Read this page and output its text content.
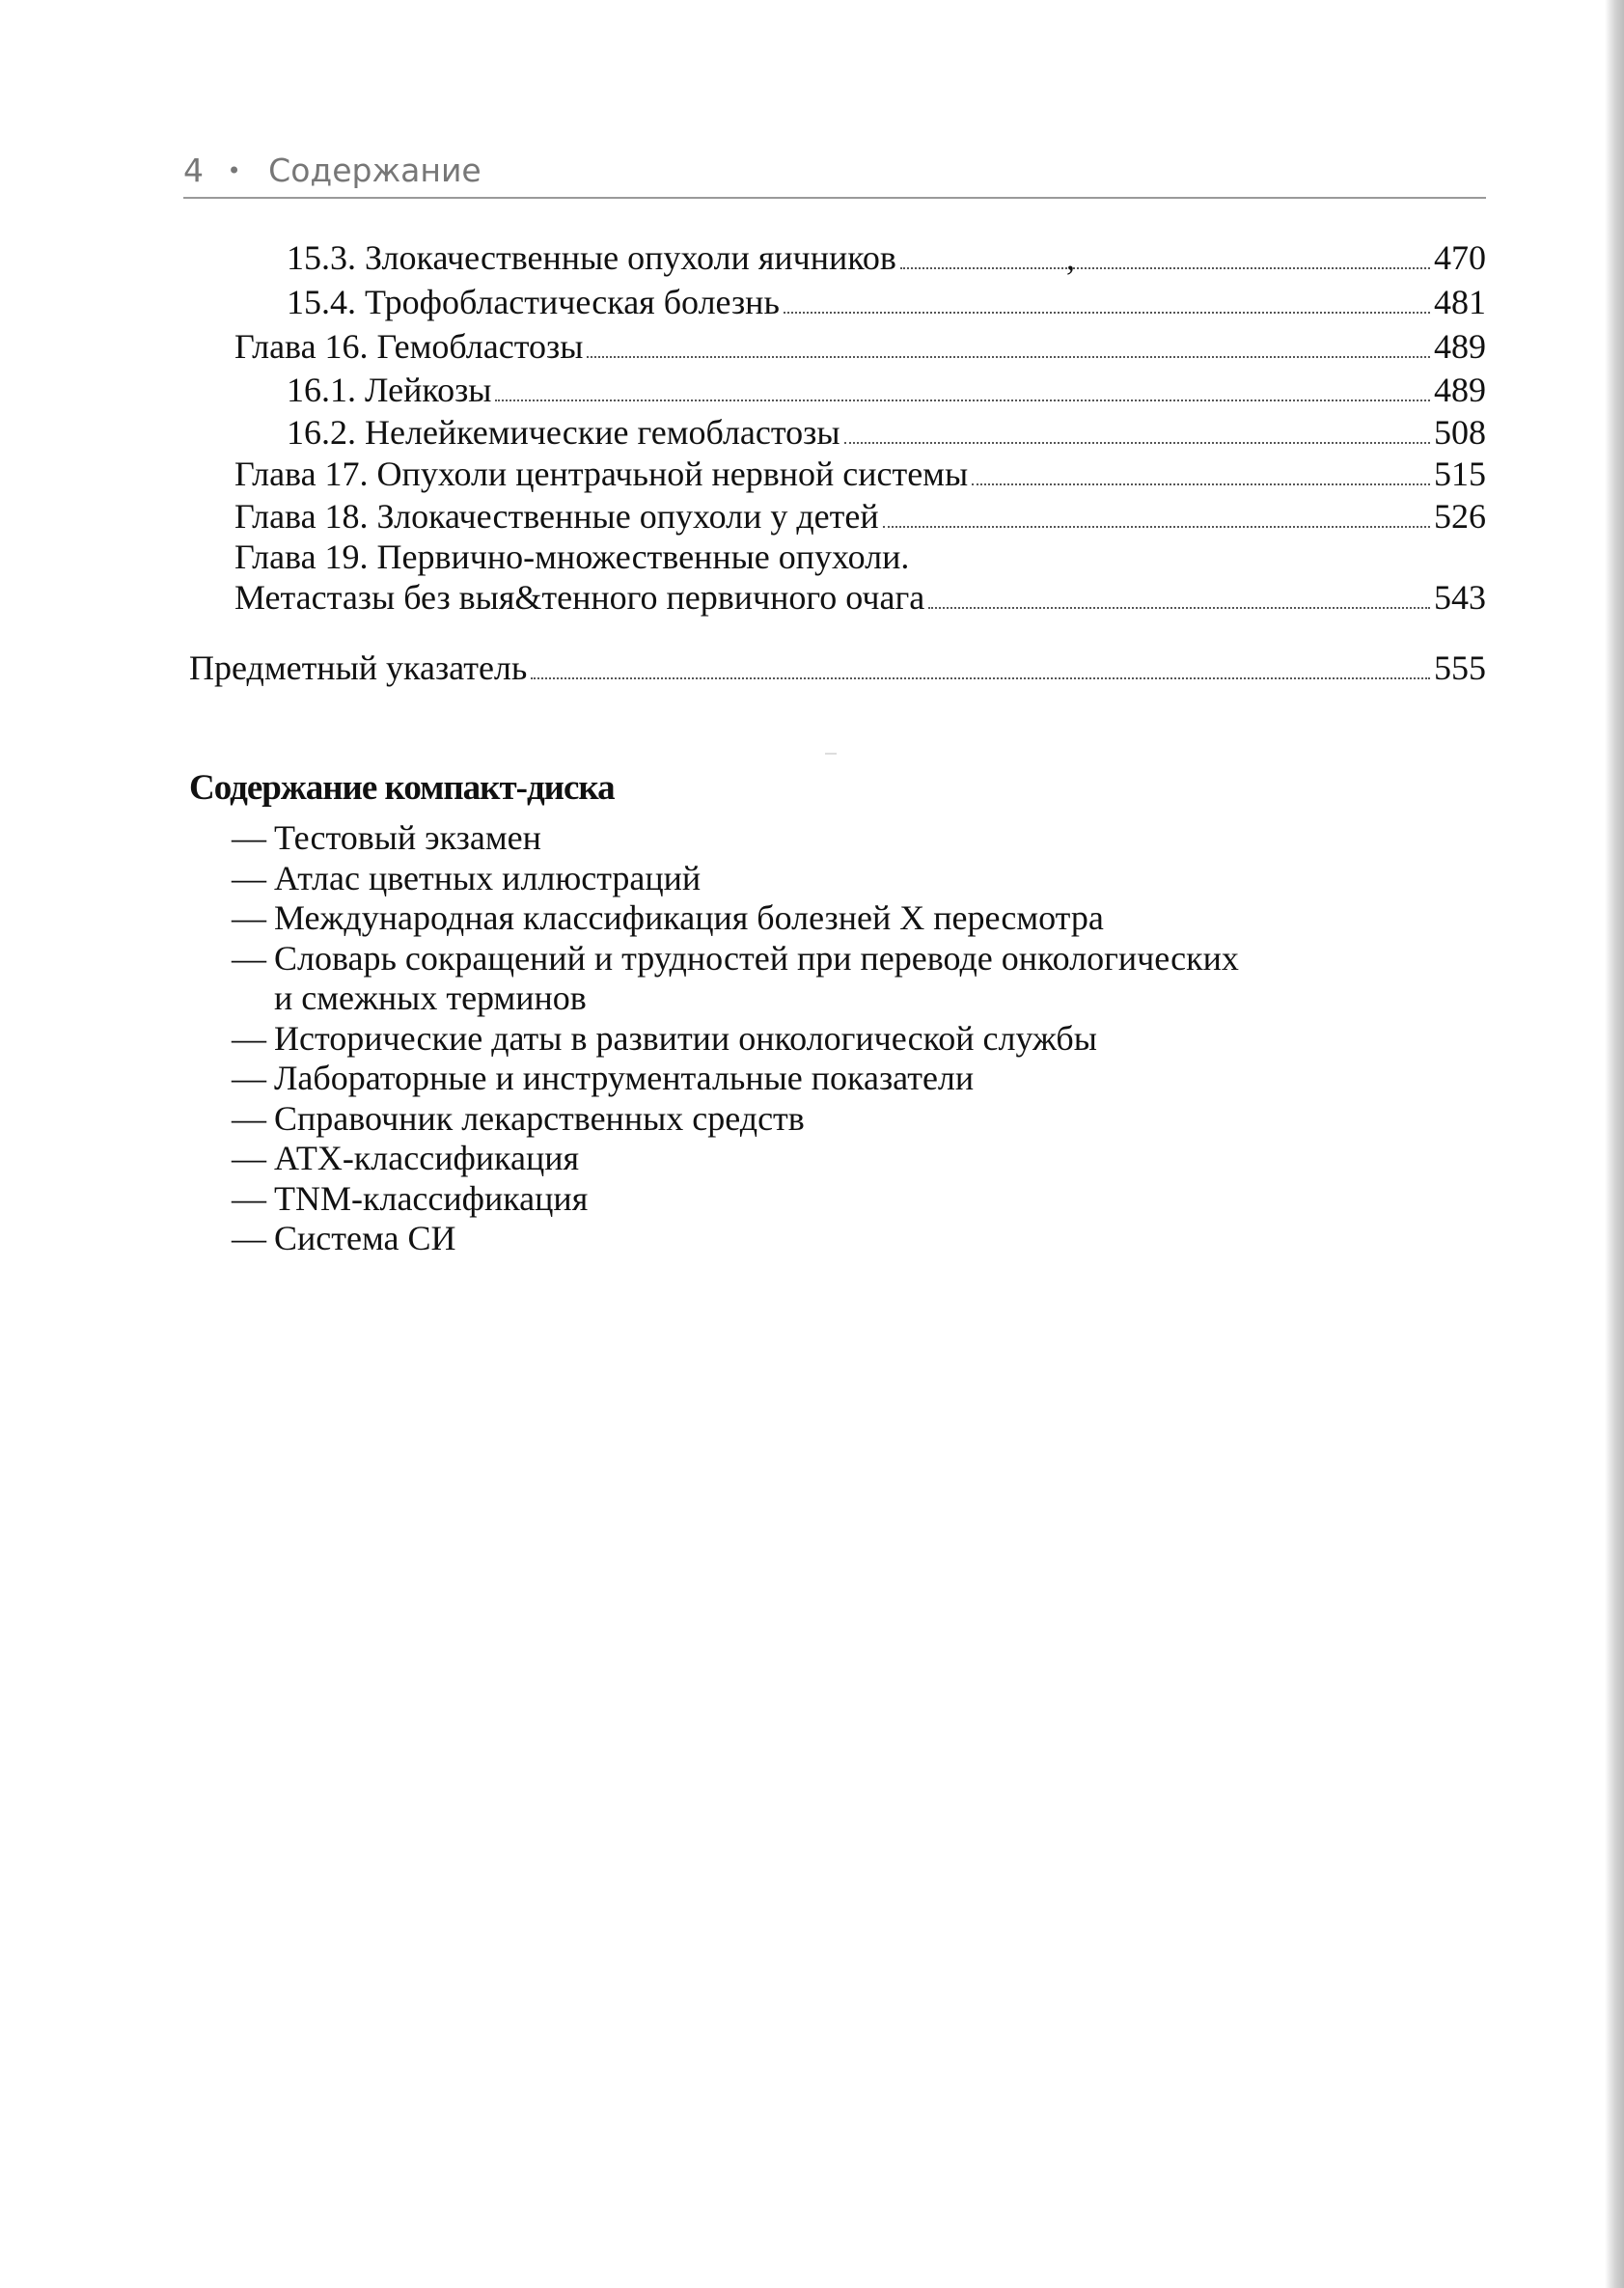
4 • Содержание
15.3. Злокачественные опухоли яичников	,	470
15.4. Трофобластическая болезнь	481
Глава 16. Гемобластозы	489
16.1. Лейкозы	489
16.2. Нелейкемические гемобластозы	508
Глава 17. Опухоли центрачьной нервной системы	515
Глава 18. Злокачественные опухоли у детей	526
Глава 19. Первично-множественные опухоли.
Метастазы без выя&тенного первичного очага	543
Предметный указатель	555
Содержание компакт-диска
— Тестовый экзамен
— Атлас цветных иллюстраций
— Международная классификация болезней X пересмотра
— Словарь сокращений и трудностей при переводе онкологических
и смежных терминов
— Исторические даты в развитии онкологической службы
— Лабораторные и инструментальные показатели
— Справочник лекарственных средств
— АТХ-классификация
— TNM-классификация
— Система СИ
